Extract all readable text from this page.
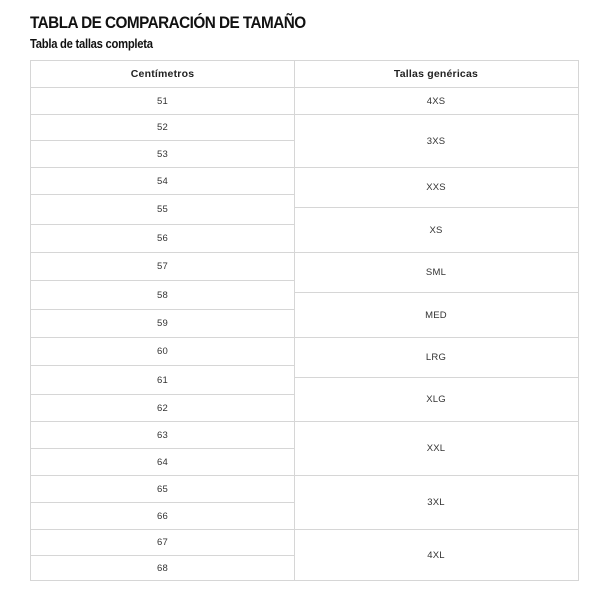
TABLA DE COMPARACIÓN DE TAMAÑO
Tabla de tallas completa
Centímetros
51
52
53
54
55
56
57
58
59
60
61
62
63
64
65
66
67
68
Tallas genéricas
4XS
3XS
XXS
XS
SML
MED
LRG
XLG
XXL
3XL
4XL
